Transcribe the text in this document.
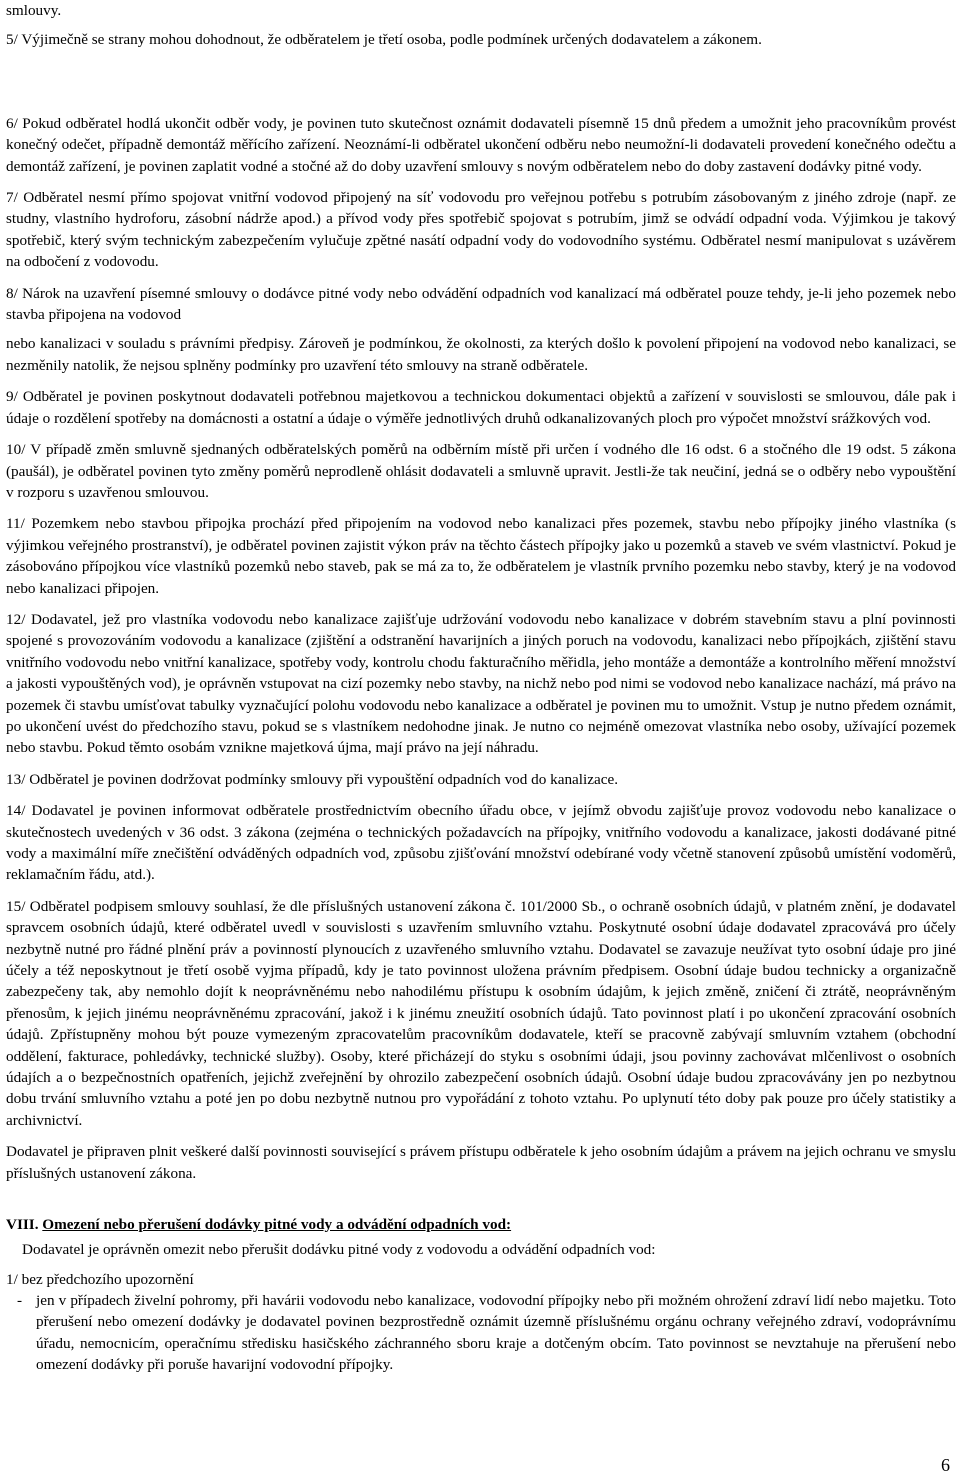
smlouvy.

5/ Výjimečně se strany mohou dohodnout, že odběratelem je třetí osoba, podle podmínek určených dodavatelem a zákonem.

6/ Pokud odběratel hodlá ukončit odběr vody, je povinen tuto skutečnost oznámit dodavateli písemně 15 dnů předem a umožnit jeho pracovníkům provést konečný odečet, případně demontáž měřícího zařízení. Neoznámí-li odběratel ukončení odběru nebo neumožní-li dodavateli provedení konečného odečtu a demontáž zařízení, je povinen zaplatit vodné a stočné až do doby uzavření smlouvy s novým odběratelem nebo do doby zastavení dodávky pitné vody.

7/ Odběratel nesmí přímo spojovat vnitřní vodovod připojený na síť vodovodu pro veřejnou potřebu s potrubím zásobovaným z jiného zdroje (např. ze studny, vlastního hydroforu, zásobní nádrže apod.) a přívod vody přes spotřebič spojovat s potrubím, jimž se odvádí odpadní voda. Výjimkou je takový spotřebič, který svým technickým zabezpečením vylučuje zpětné nasátí odpadní vody do vodovodního systému. Odběratel nesmí manipulovat s uzávěrem na odbočení z vodovodu.

8/ Nárok na uzavření písemné smlouvy o dodávce pitné vody nebo odvádění odpadních vod kanalizací má odběratel pouze tehdy, je-li jeho pozemek nebo stavba připojena na vodovod

nebo kanalizaci v souladu s právními předpisy. Zároveň je podmínkou, že okolnosti, za kterých došlo k povolení připojení na vodovod nebo kanalizaci, se nezměnily natolik, že nejsou splněny podmínky pro uzavření této smlouvy na straně odběratele.

9/ Odběratel je povinen poskytnout dodavateli potřebnou majetkovou a technickou dokumentaci objektů a zařízení v souvislosti se smlouvou, dále pak i údaje o rozdělení spotřeby na domácnosti a ostatní a údaje o výměře jednotlivých druhů odkanalizovaných ploch pro výpočet množství srážkových vod.

10/ V případě změn smluvně sjednaných odběratelských poměrů na odběrním místě při určen í vodného dle 16 odst. 6 a stočného dle 19 odst. 5 zákona (paušál), je odběratel povinen tyto změny poměrů neprodleně ohlásit dodavateli a smluvně upravit. Jestli-že tak neučiní, jedná se o odběry nebo vypouštění v rozporu s uzavřenou smlouvou.

11/ Pozemkem nebo stavbou připojka prochází před připojením na vodovod nebo kanalizaci přes pozemek, stavbu nebo přípojky jiného vlastníka (s výjimkou veřejného prostranství), je odběratel povinen zajistit výkon práv na těchto částech přípojky jako u pozemků a staveb ve svém vlastnictví. Pokud je zásobováno přípojkou více vlastníků pozemků nebo staveb, pak se má za to, že odběratelem je vlastník prvního pozemku nebo stavby, který je na vodovod nebo kanalizaci připojen.

12/ Dodavatel, jež pro vlastníka vodovodu nebo kanalizace zajišťuje udržování vodovodu nebo kanalizace v dobrém stavebním stavu a plní povinnosti spojené s provozováním vodovodu a kanalizace (zjištění a odstranění havarijních a jiných poruch na vodovodu, kanalizaci nebo přípojkách, zjištění stavu vnitřního vodovodu nebo vnitřní kanalizace, spotřeby vody, kontrolu chodu fakturačního měřidla, jeho montáže a demontáže a kontrolního měření množství a jakosti vypouštěných vod), je oprávněn vstupovat na cizí pozemky nebo stavby, na nichž nebo pod nimi se vodovod nebo kanalizace nachází, má právo na pozemek či stavbu umísťovat tabulky vyznačující polohu vodovodu nebo kanalizace a odběratel je povinen mu to umožnit. Vstup je nutno předem oznámit, po ukončení uvést do předchozího stavu, pokud se s vlastníkem nedohodne jinak. Je nutno co nejméně omezovat vlastníka nebo osoby, užívající pozemek nebo stavbu. Pokud těmto osobám vznikne majetková újma, mají právo na její náhradu.

13/ Odběratel je povinen dodržovat podmínky smlouvy při vypouštění odpadních vod do kanalizace.

14/ Dodavatel je povinen informovat odběratele prostřednictvím obecního úřadu obce, v jejímž obvodu zajišťuje provoz vodovodu nebo kanalizace o skutečnostech uvedených v 36 odst. 3 zákona (zejména o technických požadavcích na přípojky, vnitřního vodovodu a kanalizace, jakosti dodávané pitné vody a maximální míře znečištění odváděných odpadních vod, způsobu zjišťování množství odebírané vody včetně stanovení způsobů umístění vodoměrů, reklamačním řádu, atd.).

15/ Odběratel podpisem smlouvy souhlasí, že dle příslušných ustanovení zákona č. 101/2000 Sb., o ochraně osobních údajů, v platném znění, je dodavatel spravcem osobních údajů, které odběratel uvedl v souvislosti s uzavřením smluvního vztahu. Poskytnuté osobní údaje dodavatel zpracovává pro účely nezbytně nutné pro řádné plnění práv a povinností plynoucích z uzavřeného smluvního vztahu. Dodavatel se zavazuje neužívat tyto osobní údaje pro jiné účely a též neposkytnout je třetí osobě vyjma případů, kdy je tato povinnost uložena právním předpisem. Osobní údaje budou technicky a organizačně zabezpečeny tak, aby nemohlo dojít k neoprávněnému nebo nahodilému přístupu k osobním údajům, k jejich změně, zničení či ztrátě, neoprávněným přenosům, k jejich jinému neoprávněnému zpracování, jakož i k jinému zneužití osobních údajů. Tato povinnost platí i po ukončení zpracování osobních údajů. Zpřístupněny mohou být pouze vymezeným zpracovatelům pracovníkům dodavatele, kteří se pracovně zabývají smluvním vztahem (obchodní oddělení, fakturace, pohledávky, technické služby). Osoby, které přicházejí do styku s osobními údaji, jsou povinny zachovávat mlčenlivost o osobních údajích a o bezpečnostních opatřeních, jejichž zveřejnění by ohrozilo zabezpečení osobních údajů. Osobní údaje budou zpracovávány jen po nezbytnou dobu trvání smluvního vztahu a poté jen po dobu nezbytně nutnou pro vypořádání z tohoto vztahu. Po uplynutí této doby pak pouze pro účely statistiky a archivnictví.

Dodavatel je připraven plnit veškeré další povinnosti související s právem přístupu odběratele k jeho osobním údajům a právem na jejich ochranu ve smyslu příslušných ustanovení zákona.

VIII. Omezení nebo přerušení dodávky pitné vody a odvádění odpadních vod:

Dodavatel je oprávněn omezit nebo přerušit dodávku pitné vody z vodovodu a odvádění odpadních vod:

1/ bez předchozího upozornění

- jen v případech živelní pohromy, při havárii vodovodu nebo kanalizace, vodovodní přípojky nebo při možném ohrožení zdraví lidí nebo majetku. Toto přerušení nebo omezení dodávky je dodavatel povinen bezprostředně oznámit územně příslušnému orgánu ochrany veřejného zdraví, vodoprávnímu úřadu, nemocnicím, operačnímu středisku hasičského záchranného sboru kraje a dotčeným obcím. Tato povinnost se nevztahuje na přerušení nebo omezení dodávky při poruše havarijní vodovodní přípojky.
6
